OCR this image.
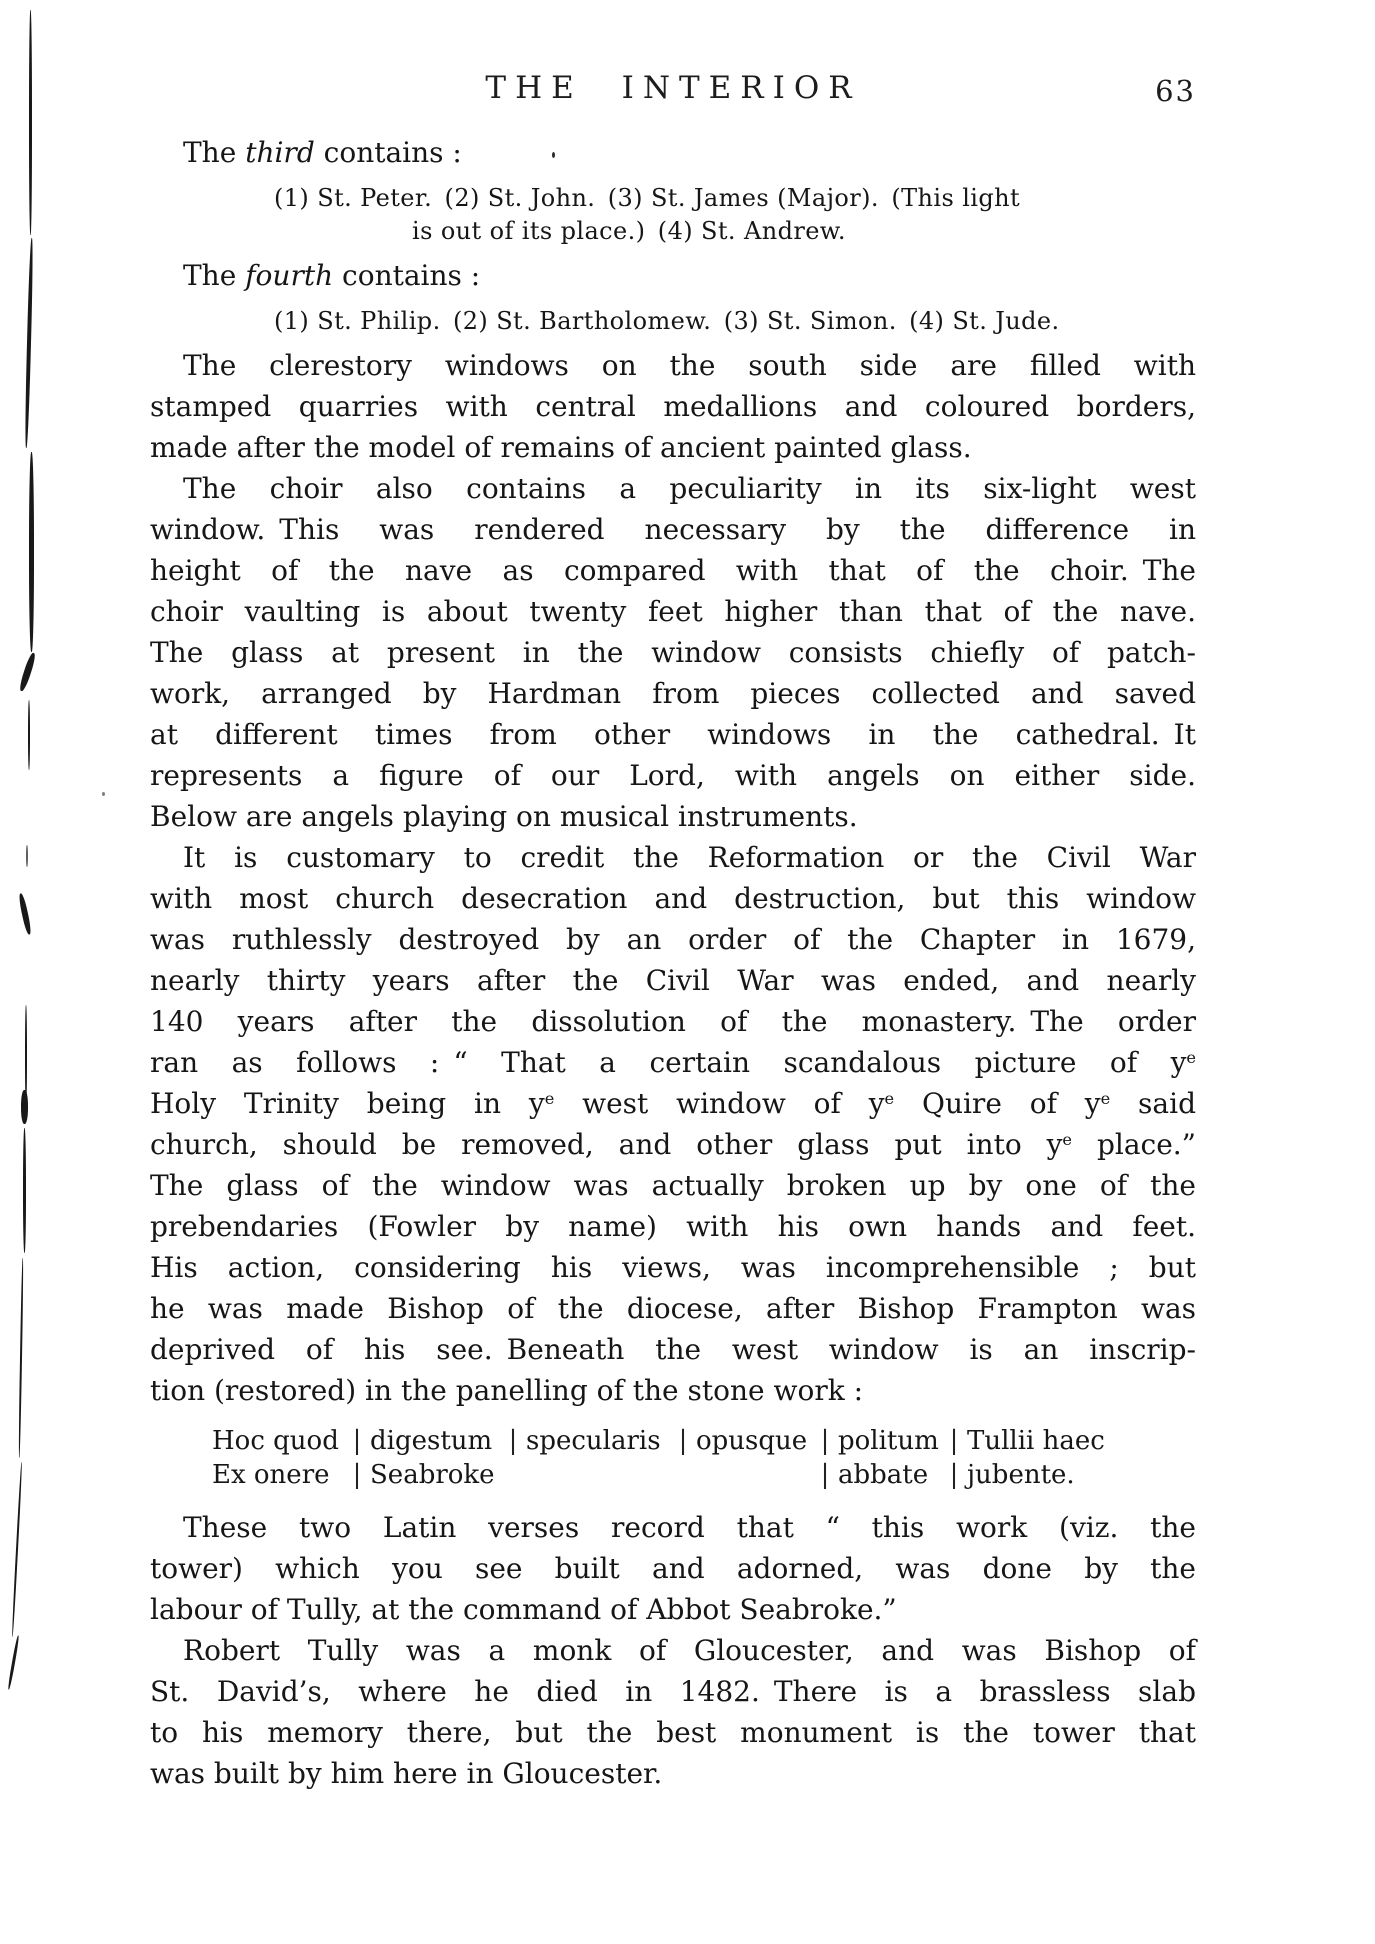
THE INTERIOR	63
The third contains :
(1) St. Peter. (2) St. John. (3) St. James (Major). (This light
is out of its place.) (4) St. Andrew.
The fourth contains :
(1) St. Philip. (2) St. Bartholomew. (3) St. Simon. (4) St. Jude.
The clerestory windows on the south side are filled with
stamped quarries with central medallions and coloured borders,
made after the model of remains of ancient painted glass.
The choir also contains a peculiarity in its six-light west
window. This was rendered necessary by the difference in
height of the nave as compared with that of the choir. The
choir vaulting is about twenty feet higher than that of the nave.
The glass at present in the window consists chiefly of patch-
work, arranged by Hardman from pieces collected and saved
at different times from other windows in the cathedral. It
represents a figure of our Lord, with angels on either side.
Below are angels playing on musical instruments.
It is customary to credit the Reformation or the Civil War
with most church desecration and destruction, but this window
was ruthlessly destroyed by an order of the Chapter in 1679,
nearly thirty years after the Civil War was ended, and nearly
140 years after the dissolution of the monastery. The order
ran as follows : “ That a certain scandalous picture of $y^e$
Holy Trinity being in $y^e$ west window of $y^e$ Quire of $y^e$ said
church, should be removed, and other glass put into $y^e$ place.”
The glass of the window was actually broken up by one of the
prebendaries (Fowler by name) with his own hands and feet.
His action, considering his views, was incomprehensible ; but
he was made Bishop of the diocese, after Bishop Frampton was
deprived of his see. Beneath the west window is an inscrip-
tion (restored) in the panelling of the stone work :
Hoc quod | digestum | specularis | opusque | politum | Tullii haec
Ex onere | Seabroke	| abbate | jubente.
These two Latin verses record that “ this work (viz. the
tower) which you see built and adorned, was done by the
labour of Tully, at the command of Abbot Seabroke.”
Robert Tully was a monk of Gloucester, and was Bishop of
St. David’s, where he died in 1482. There is a brassless slab
to his memory there, but the best monument is the tower that
was built by him here in Gloucester.
